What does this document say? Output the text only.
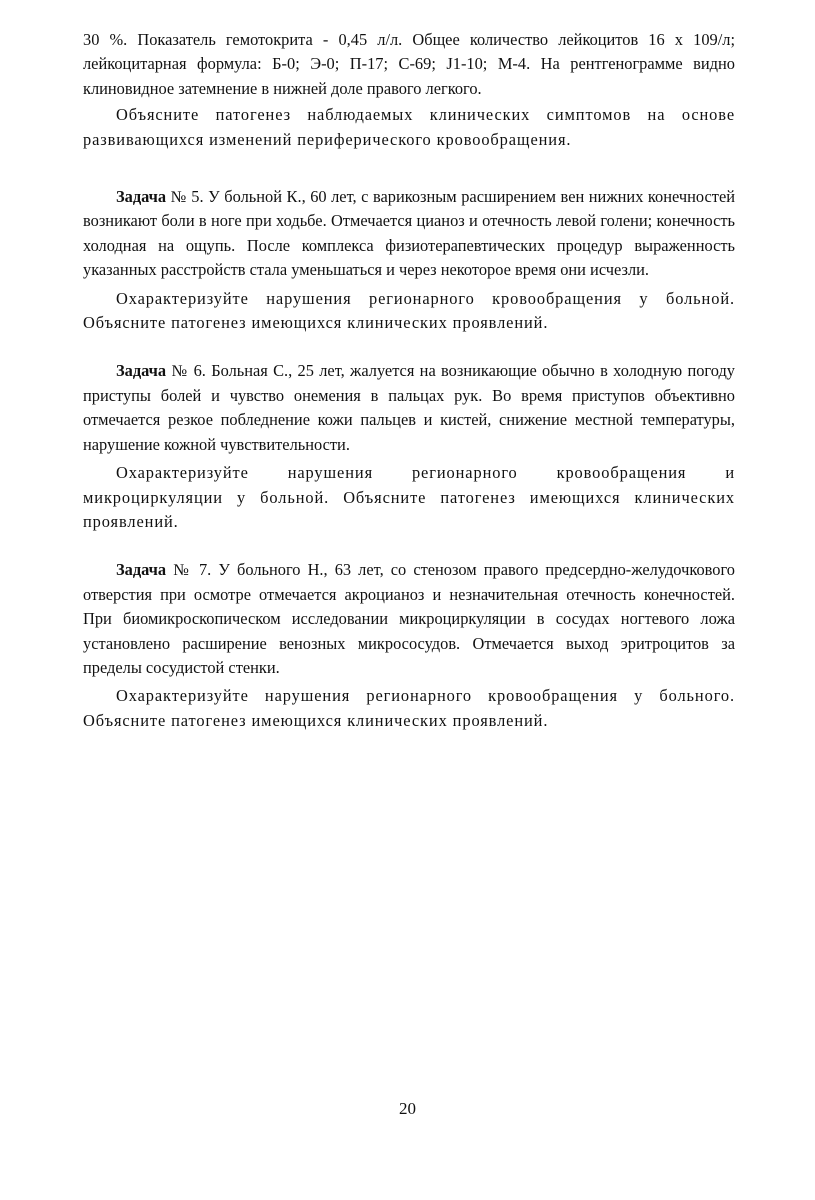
30 %. Показатель гемотокрита - 0,45 л/л. Общее количество лейкоцитов 16 х 109/л; лейкоцитарная формула: Б-0; Э-0; П-17; С-69; Ј1-10; М-4. На рентгенограмме видно клиновидное затемнение в нижней доле правого легкого.

Объясните патогенез наблюдаемых клинических симптомов на основе развивающихся изменений периферического кровообращения.

Задача № 5. У больной К., 60 лет, с варикозным расширением вен нижних конечностей возникают боли в ноге при ходьбе. Отмечается цианоз и отечность левой голени; конечность холодная на ощупь. После комплекса физиотерапевтических процедур выраженность указанных расстройств стала уменьшаться и через некоторое время они исчезли.

Охарактеризуйте нарушения регионарного кровообращения у больной. Объясните патогенез имеющихся клинических проявлений.

Задача № 6. Больная С., 25 лет, жалуется на возникающие обычно в холодную погоду приступы болей и чувство онемения в пальцах рук. Во время приступов объективно отмечается резкое побледнение кожи пальцев и кистей, снижение местной температуры, нарушение кожной чувствительности.

Охарактеризуйте нарушения регионарного кровообращения и микроциркуляции у больной. Объясните патогенез имеющихся клинических проявлений.

Задача № 7. У больного Н., 63 лет, со стенозом правого предсердно-желудочкового отверстия при осмотре отмечается акроцианоз и незначительная отечность конечностей. При биомикроскопическом исследовании микроциркуляции в сосудах ногтевого ложа установлено расширение венозных микрососудов. Отмечается выход эритроцитов за пределы сосудистой стенки.

Охарактеризуйте нарушения регионарного кровообращения у больного. Объясните патогенез имеющихся клинических проявлений.

20
